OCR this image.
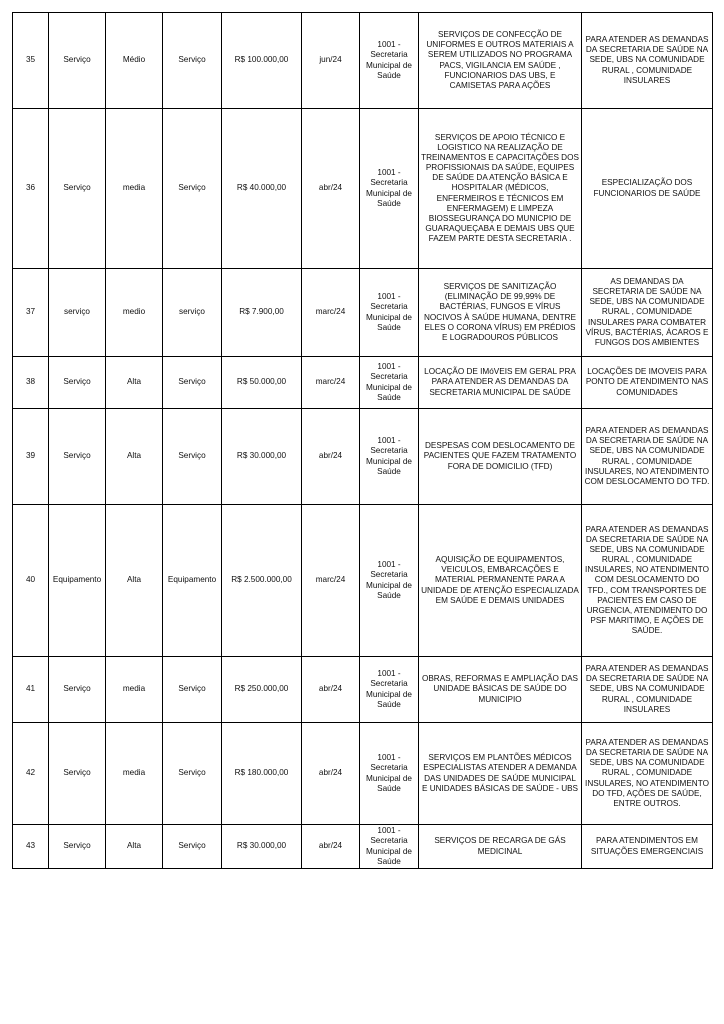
35	Serviço	Médio	Serviço	R$ 100.000,00	jun/24	1001 - Secretaria Municipal de Saúde	SERVIÇOS DE CONFECÇÃO DE UNIFORMES E OUTROS MATERIAIS A SEREM UTILIZADOS NO PROGRAMA PACS, VIGILANCIA EM SAÚDE , FUNCIONARIOS DAS UBS, E CAMISETAS PARA AÇÕES	PARA ATENDER AS DEMANDAS DA SECRETARIA DE SAÚDE NA SEDE, UBS NA COMUNIDADE RURAL , COMUNIDADE INSULARES
36	Serviço	media	Serviço	R$ 40.000,00	abr/24	1001 - Secretaria Municipal de Saúde	SERVIÇOS DE APOIO TÉCNICO E LOGISTICO NA REALIZAÇÃO DE TREINAMENTOS E CAPACITAÇÕES DOS PROFISSIONAIS DA SAÚDE, EQUIPES DE SAÚDE DA ATENÇÃO BÁSICA E HOSPITALAR (MÉDICOS, ENFERMEIROS E TÉCNICOS EM ENFERMAGEM) E LIMPEZA BIOSSEGURANÇA DO MUNICPIO DE GUARAQUEÇABA E DEMAIS UBS QUE FAZEM PARTE DESTA SECRETARIA .	ESPECIALIZAÇÃO DOS FUNCIONARIOS DE SAÚDE
37	serviço	medio	serviço	R$ 7.900,00	marc/24	1001 - Secretaria Municipal de Saúde	SERVIÇOS DE SANITIZAÇÃO (ELIMINAÇÃO DE 99,99% DE BACTÉRIAS, FUNGOS E VÍRUS NOCIVOS À SAÚDE HUMANA, DENTRE ELES O CORONA VÍRUS) EM PRÉDIOS E LOGRADOUROS PÚBLICOS	AS DEMANDAS DA SECRETARIA DE SAÚDE NA SEDE, UBS NA COMUNIDADE RURAL , COMUNIDADE INSULARES PARA COMBATER VÍRUS, BACTÉRIAS, ÁCAROS E FUNGOS DOS AMBIENTES
38	Serviço	Alta	Serviço	R$ 50.000,00	marc/24	1001 - Secretaria Municipal de Saúde	LOCAÇÃO DE IMóVEIS EM GERAL PRA PARA ATENDER AS DEMANDAS DA SECRETARIA MUNICIPAL DE SAÚDE	LOCAÇÕES DE IMOVEIS PARA PONTO DE ATENDIMENTO NAS COMUNIDADES
39	Serviço	Alta	Serviço	R$ 30.000,00	abr/24	1001 - Secretaria Municipal de Saúde	DESPESAS COM DESLOCAMENTO DE PACIENTES QUE FAZEM TRATAMENTO FORA DE DOMICILIO (TFD)	PARA ATENDER AS DEMANDAS DA SECRETARIA DE SAÚDE NA SEDE, UBS NA COMUNIDADE RURAL , COMUNIDADE INSULARES, NO ATENDIMENTO COM DESLOCAMENTO DO TFD.
40	Equipamento	Alta	Equipamento	R$ 2.500.000,00	marc/24	1001 - Secretaria Municipal de Saúde	AQUISIÇÃO DE EQUIPAMENTOS, VEICULOS, EMBARCAÇÕES E MATERIAL PERMANENTE PARA A UNIDADE DE ATENÇÃO ESPECIALIZADA EM SAÚDE E DEMAIS UNIDADES	PARA ATENDER AS DEMANDAS DA SECRETARIA DE SAÚDE NA SEDE, UBS NA COMUNIDADE RURAL , COMUNIDADE INSULARES, NO ATENDIMENTO COM DESLOCAMENTO DO TFD., COM TRANSPORTES DE PACIENTES EM CASO DE URGENCIA, ATENDIMENTO DO PSF MARITIMO, E AÇÕES DE SAÚDE.
41	Serviço	media	Serviço	R$ 250.000,00	abr/24	1001 - Secretaria Municipal de Saúde	OBRAS, REFORMAS E AMPLIAÇÃO DAS UNIDADE BÁSICAS DE SAÚDE DO MUNICIPIO	PARA ATENDER AS DEMANDAS DA SECRETARIA DE SAÚDE NA SEDE, UBS NA COMUNIDADE RURAL , COMUNIDADE INSULARES
42	Serviço	media	Serviço	R$ 180.000,00	abr/24	1001 - Secretaria Municipal de Saúde	SERVIÇOS EM PLANTÕES MÉDICOS ESPECIALISTAS ATENDER A DEMANDA DAS UNIDADES DE SAÚDE MUNICIPAL E UNIDADES BÁSICAS DE SAÚDE - UBS	PARA ATENDER AS DEMANDAS DA SECRETARIA DE SAÚDE NA SEDE, UBS NA COMUNIDADE RURAL , COMUNIDADE INSULARES, NO ATENDIMENTO DO TFD, AÇÕES DE SAÚDE, ENTRE OUTROS.
43	Serviço	Alta	Serviço	R$ 30.000,00	abr/24	1001 - Secretaria Municipal de Saúde	SERVIÇOS DE RECARGA DE GÁS MEDICINAL	PARA ATENDIMENTOS EM SITUAÇÕES EMERGENCIAIS
